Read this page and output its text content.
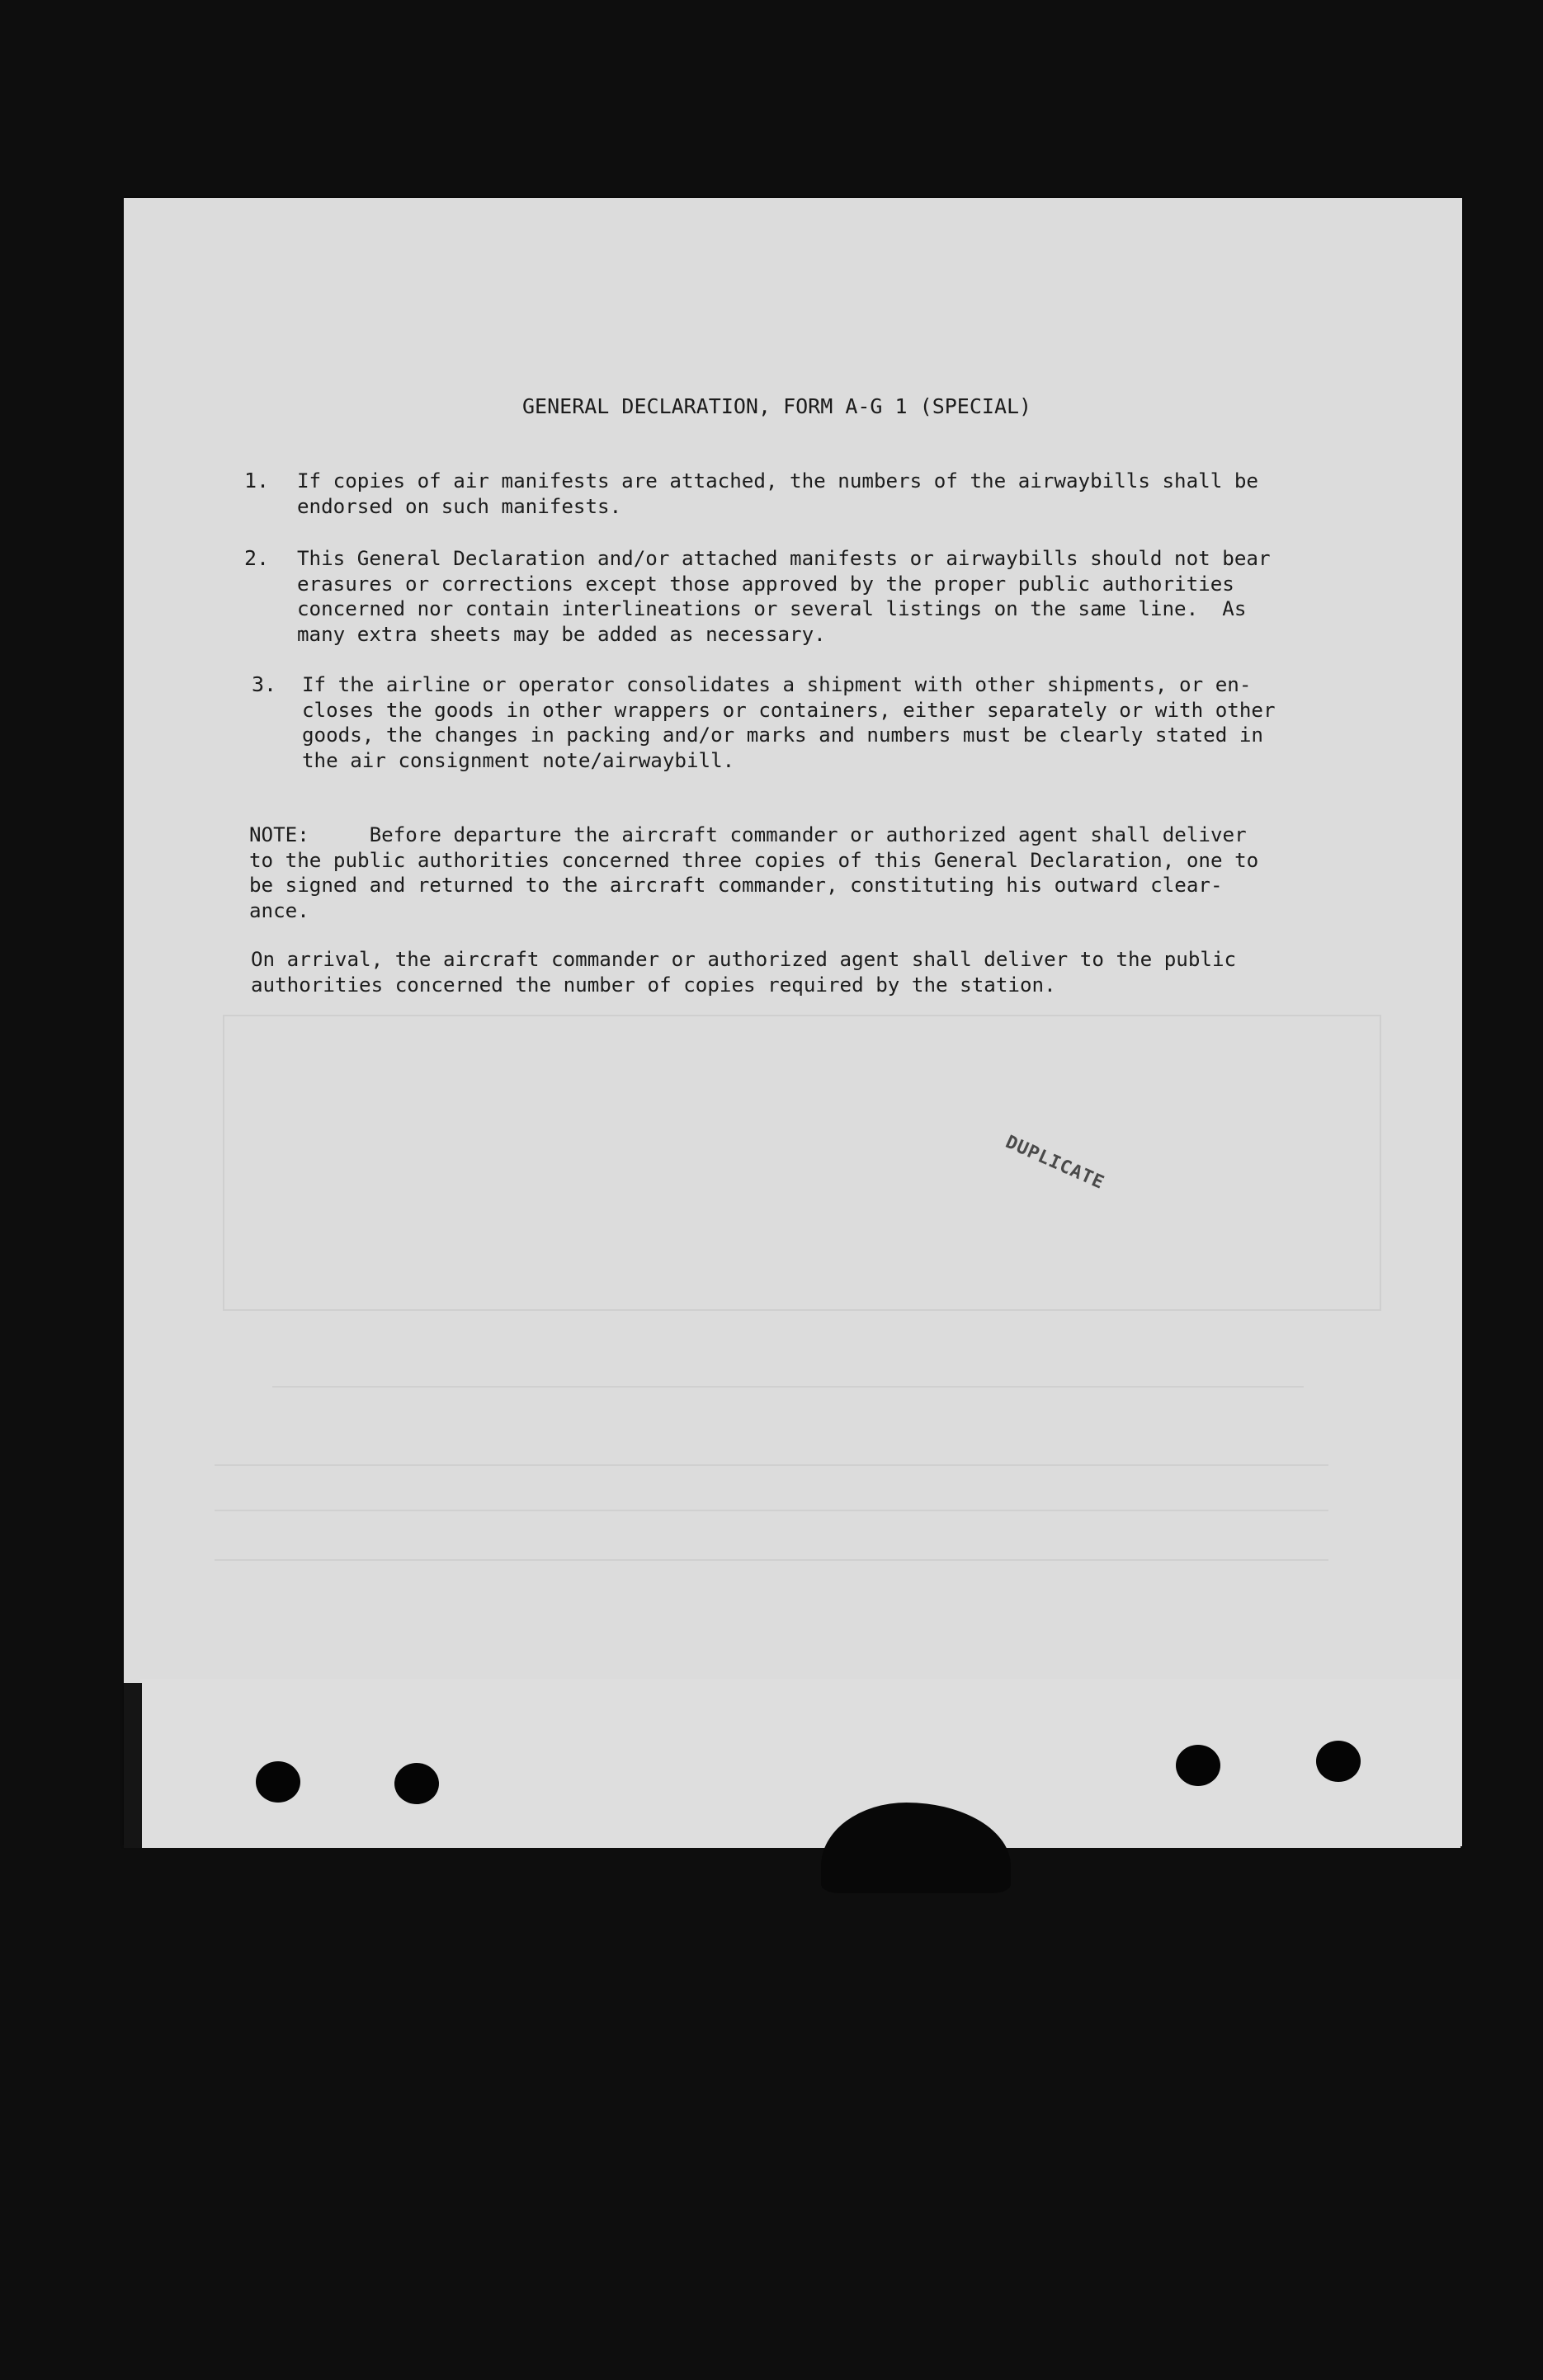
GENERAL DECLARATION, FORM A-G 1 (SPECIAL)
1. If copies of air manifests are attached, the numbers of the airwaybills shall be
endorsed on such manifests.
2. This General Declaration and/or attached manifests or airwaybills should not bear
erasures or corrections except those approved by the proper public authorities
concerned nor contain interlineations or several listings on the same line.  As
many extra sheets may be added as necessary.
3. If the airline or operator consolidates a shipment with other shipments, or en-
closes the goods in other wrappers or containers, either separately or with other
goods, the changes in packing and/or marks and numbers must be clearly stated in
the air consignment note/airwaybill.
NOTE:     Before departure the aircraft commander or authorized agent shall deliver
to the public authorities concerned three copies of this General Declaration, one to
be signed and returned to the aircraft commander, constituting his outward clear-
ance.
On arrival, the aircraft commander or authorized agent shall deliver to the public
authorities concerned the number of copies required by the station.
DUPLICATE
